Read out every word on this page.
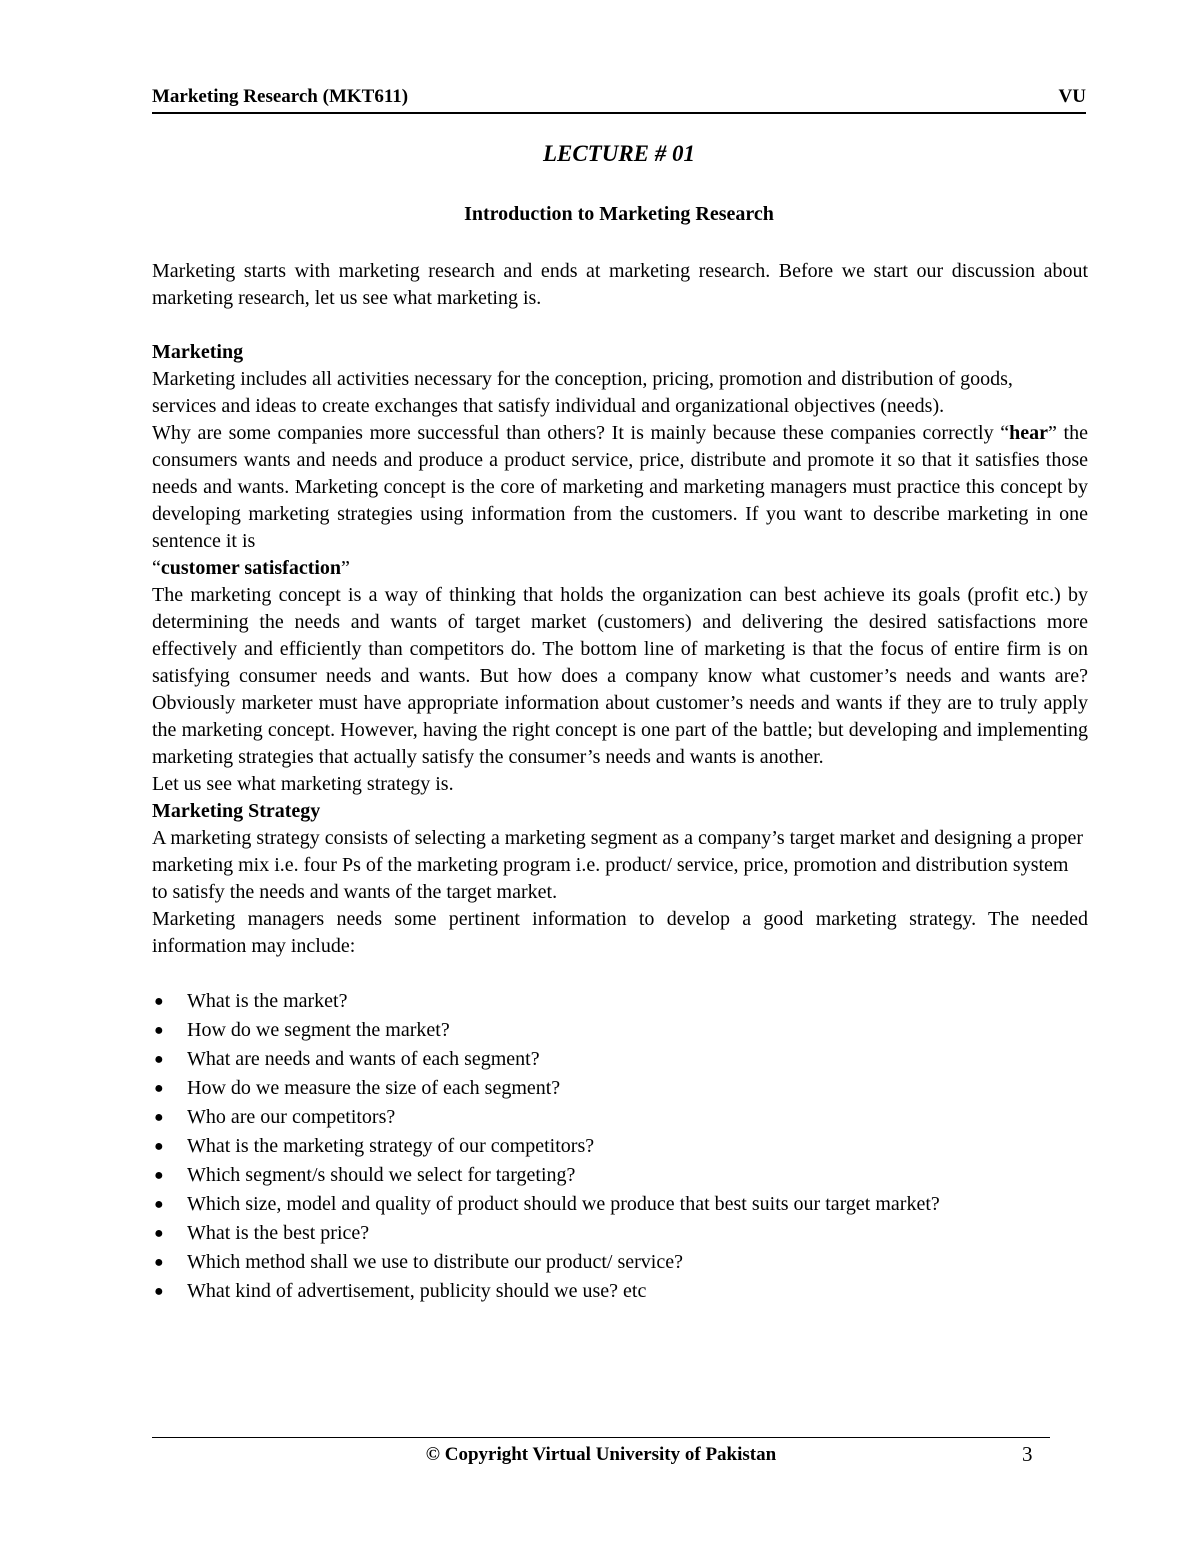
Marketing Research (MKT611)	VU
LECTURE # 01
Introduction to Marketing Research

Marketing starts with marketing research and ends at marketing research. Before we start our discussion about marketing research, let us see what marketing is.

Marketing

Marketing includes all activities necessary for the conception, pricing, promotion and distribution of goods, services and ideas to create exchanges that satisfy individual and organizational objectives (needs).

Why are some companies more successful than others? It is mainly because these companies correctly “hear” the consumers wants and needs and produce a product service, price, distribute and promote it so that it satisfies those needs and wants. Marketing concept is the core of marketing and marketing managers must practice this concept by developing marketing strategies using information from the customers. If you want to describe marketing in one sentence it is

“customer satisfaction”

The marketing concept is a way of thinking that holds the organization can best achieve its goals (profit etc.) by determining the needs and wants of target market (customers) and delivering the desired satisfactions more effectively and efficiently than competitors do. The bottom line of marketing is that the focus of entire firm is on satisfying consumer needs and wants. But how does a company know what customer’s needs and wants are? Obviously marketer must have appropriate information about customer’s needs and wants if they are to truly apply the marketing concept. However, having the right concept is one part of the battle; but developing and implementing marketing strategies that actually satisfy the consumer’s needs and wants is another.

Let us see what marketing strategy is.

Marketing Strategy

A marketing strategy consists of selecting a marketing segment as a company’s target market and designing a proper marketing mix i.e. four Ps of the marketing program i.e. product/ service, price, promotion and distribution system to satisfy the needs and wants of the target market.

Marketing managers needs some pertinent information to develop a good marketing strategy. The needed information may include:

● What is the market?
● How do we segment the market?
● What are needs and wants of each segment?
● How do we measure the size of each segment?
● Who are our competitors?
● What is the marketing strategy of our competitors?
● Which segment/s should we select for targeting?
● Which size, model and quality of product should we produce that best suits our target market?
● What is the best price?
● Which method shall we use to distribute our product/ service?
● What kind of advertisement, publicity should we use? etc
© Copyright Virtual University of Pakistan	3
